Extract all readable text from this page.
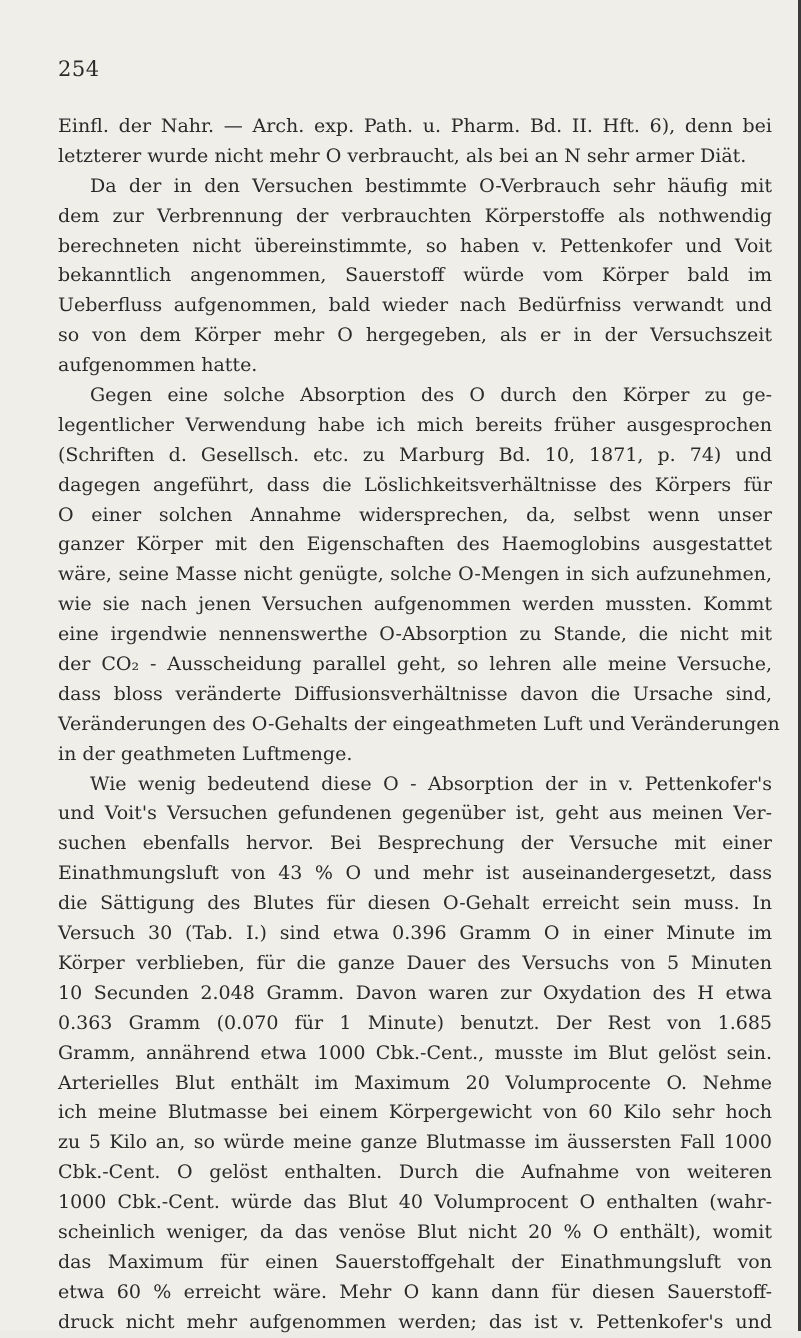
254
Einfl. der Nahr. — Arch. exp. Path. u. Pharm. Bd. II. Hft. 6), denn bei
letzterer wurde nicht mehr O verbraucht, als bei an N sehr armer Diät.
Da der in den Versuchen bestimmte O-Verbrauch sehr häufig mit
dem zur Verbrennung der verbrauchten Körperstoffe als nothwendig
berechneten nicht übereinstimmte, so haben v. Pettenkofer und Voit
bekanntlich angenommen, Sauerstoff würde vom Körper bald im
Ueberfluss aufgenommen, bald wieder nach Bedürfniss verwandt und
so von dem Körper mehr O hergegeben, als er in der Versuchszeit
aufgenommen hatte.
Gegen eine solche Absorption des O durch den Körper zu ge-
legentlicher Verwendung habe ich mich bereits früher ausgesprochen
(Schriften d. Gesellsch. etc. zu Marburg Bd. 10, 1871, p. 74) und
dagegen angeführt, dass die Löslichkeitsverhältnisse des Körpers für
O einer solchen Annahme widersprechen, da, selbst wenn unser
ganzer Körper mit den Eigenschaften des Haemoglobins ausgestattet
wäre, seine Masse nicht genügte, solche O-Mengen in sich aufzunehmen,
wie sie nach jenen Versuchen aufgenommen werden mussten. Kommt
eine irgendwie nennenswerthe O-Absorption zu Stande, die nicht mit
der CO₂ - Ausscheidung parallel geht, so lehren alle meine Versuche,
dass bloss veränderte Diffusionsverhältnisse davon die Ursache sind,
Veränderungen des O-Gehalts der eingeathmeten Luft und Veränderungen
in der geathmeten Luftmenge.
Wie wenig bedeutend diese O - Absorption der in v. Pettenkofer's
und Voit's Versuchen gefundenen gegenüber ist, geht aus meinen Ver-
suchen ebenfalls hervor. Bei Besprechung der Versuche mit einer
Einathmungsluft von 43 % O und mehr ist auseinandergesetzt, dass
die Sättigung des Blutes für diesen O-Gehalt erreicht sein muss. In
Versuch 30 (Tab. I.) sind etwa 0.396 Gramm O in einer Minute im
Körper verblieben, für die ganze Dauer des Versuchs von 5 Minuten
10 Secunden 2.048 Gramm. Davon waren zur Oxydation des H etwa
0.363 Gramm (0.070 für 1 Minute) benutzt. Der Rest von 1.685
Gramm, annährend etwa 1000 Cbk.-Cent., musste im Blut gelöst sein.
Arterielles Blut enthält im Maximum 20 Volumprocente O. Nehme
ich meine Blutmasse bei einem Körpergewicht von 60 Kilo sehr hoch
zu 5 Kilo an, so würde meine ganze Blutmasse im äussersten Fall 1000
Cbk.-Cent. O gelöst enthalten. Durch die Aufnahme von weiteren
1000 Cbk.-Cent. würde das Blut 40 Volumprocent O enthalten (wahr-
scheinlich weniger, da das venöse Blut nicht 20 % O enthält), womit
das Maximum für einen Sauerstoffgehalt der Einathmungsluft von
etwa 60 % erreicht wäre. Mehr O kann dann für diesen Sauerstoff-
druck nicht mehr aufgenommen werden; das ist v. Pettenkofer's und
